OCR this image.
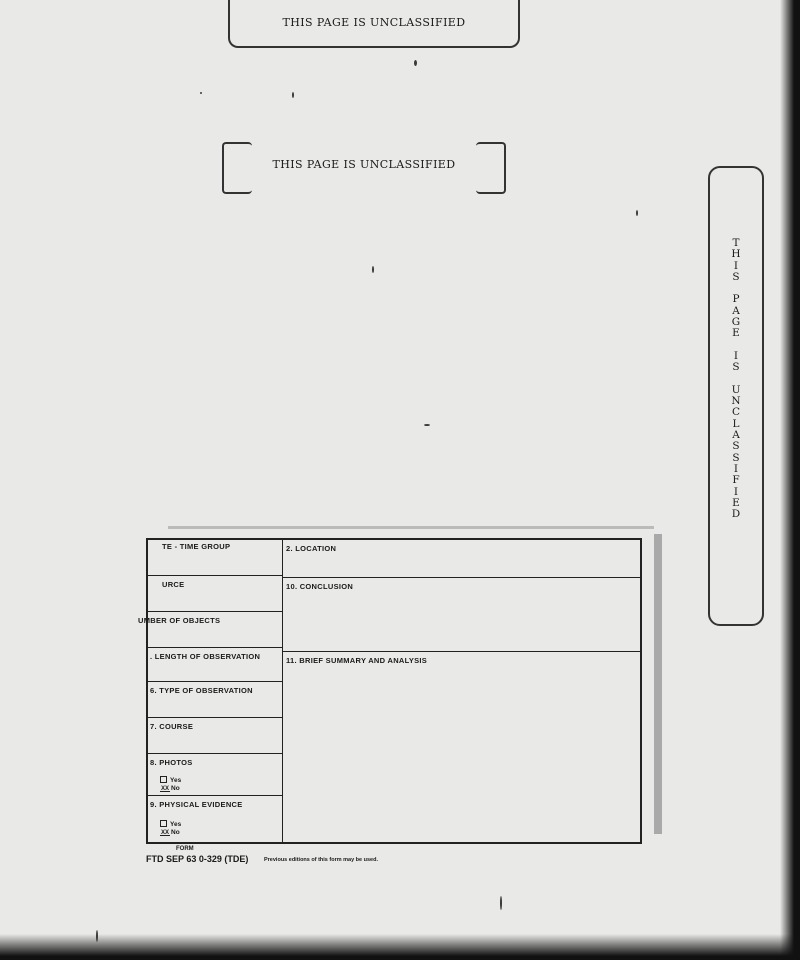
THIS PAGE IS UNCLASSIFIED
THIS PAGE IS UNCLASSIFIED
T
H
I
S

P
A
G
E

I
S

U
N
C
L
A
S
S
I
F
I
E
D
TE - TIME GROUP
URCE
UMBER OF OBJECTS
. LENGTH OF OBSERVATION
6. TYPE OF OBSERVATION
7. COURSE
8. PHOTOS
Yes
XX No
9. PHYSICAL EVIDENCE
Yes
XX No
2. LOCATION
10. CONCLUSION
11. BRIEF SUMMARY AND ANALYSIS
FORM
FTD SEP 63 0-329 (TDE)	Previous editions of this form may be used.
